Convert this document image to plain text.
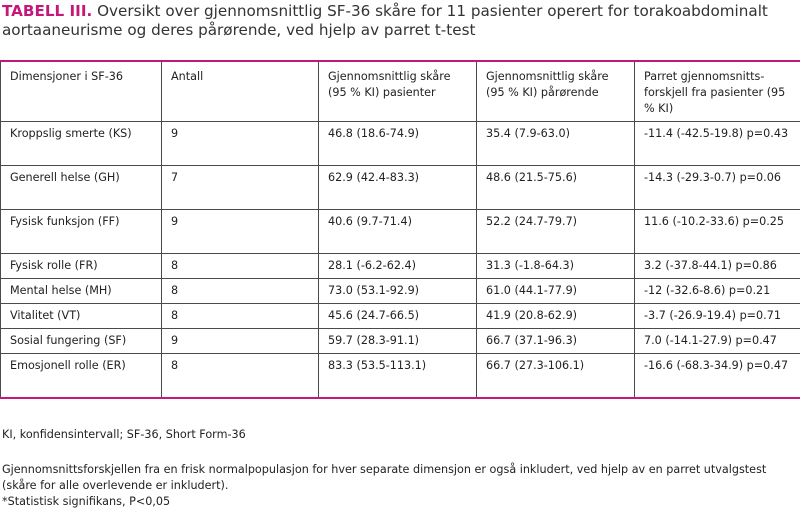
TABELL III. Oversikt over gjennomsnittlig SF-36 skåre for 11 pasienter operert for torakoabdominalt aortaaneurisme og deres pårørende, ved hjelp av parret t-test
Dimensjoner i SF-36	Antall	Gjennomsnittlig skåre (95 % KI) pasienter	Gjennomsnittlig skåre (95 % KI) pårørende	Parret gjennomsnitts-forskjell fra pasienter (95 % KI)
Kroppslig smerte (KS)	9	46.8 (18.6-74.9)	35.4 (7.9-63.0)	-11.4 (-42.5-19.8) p=0.43
Generell helse (GH)	7	62.9 (42.4-83.3)	48.6 (21.5-75.6)	-14.3 (-29.3-0.7) p=0.06
Fysisk funksjon (FF)	9	40.6 (9.7-71.4)	52.2 (24.7-79.7)	11.6 (-10.2-33.6) p=0.25
Fysisk rolle (FR)	8	28.1 (-6.2-62.4)	31.3 (-1.8-64.3)	3.2 (-37.8-44.1) p=0.86
Mental helse (MH)	8	73.0 (53.1-92.9)	61.0 (44.1-77.9)	-12 (-32.6-8.6) p=0.21
Vitalitet (VT)	8	45.6 (24.7-66.5)	41.9 (20.8-62.9)	-3.7 (-26.9-19.4) p=0.71
Sosial fungering (SF)	9	59.7 (28.3-91.1)	66.7 (37.1-96.3)	7.0 (-14.1-27.9) p=0.47
Emosjonell rolle (ER)	8	83.3 (53.5-113.1)	66.7 (27.3-106.1)	-16.6 (-68.3-34.9) p=0.47
KI, konfidensintervall; SF-36, Short Form-36
Gjennomsnittsforskjellen fra en frisk normalpopulasjon for hver separate dimensjon er også inkludert, ved hjelp av en parret utvalgstest (skåre for alle overlevende er inkludert).
*Statistisk signifikans, P<0,05
